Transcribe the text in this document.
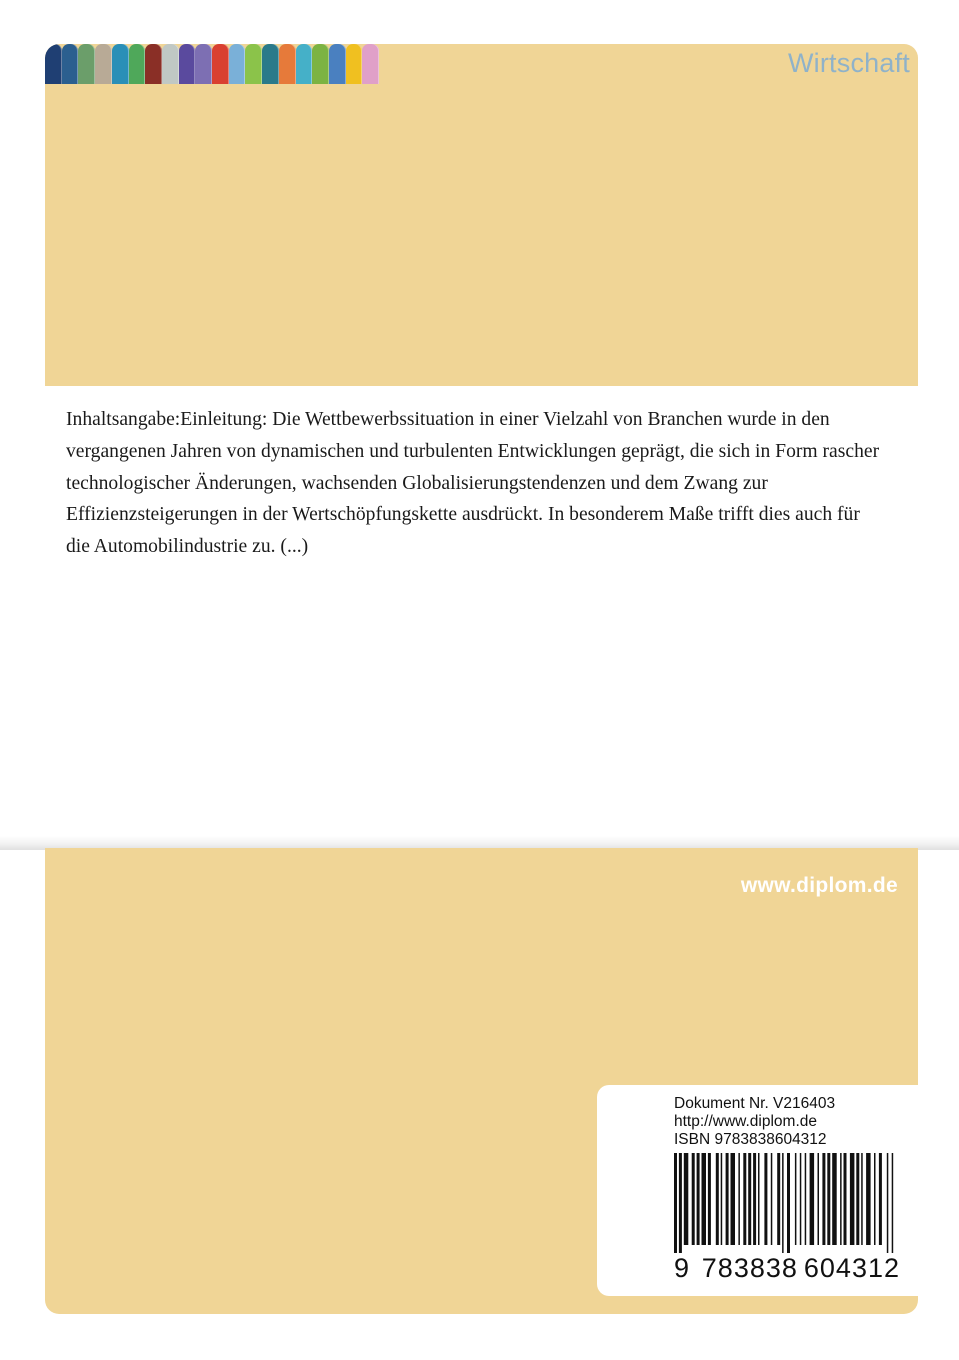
Wirtschaft

Inhaltsangabe:Einleitung: Die Wettbewerbssituation in einer Vielzahl von Branchen wurde in den vergangenen Jahren von dynamischen und turbulenten Entwicklungen geprägt, die sich in Form rascher technologischer Änderungen, wachsenden Globalisierungstendenzen und dem Zwang zur Effizienzsteigerungen in der Wertschöpfungskette ausdrückt. In besonderem Maße trifft dies auch für die Automobilindustrie zu. (...)

www.diplom.de
Dokument Nr. V216403
http://www.diplom.de
ISBN 9783838604312
9 783838 604312
